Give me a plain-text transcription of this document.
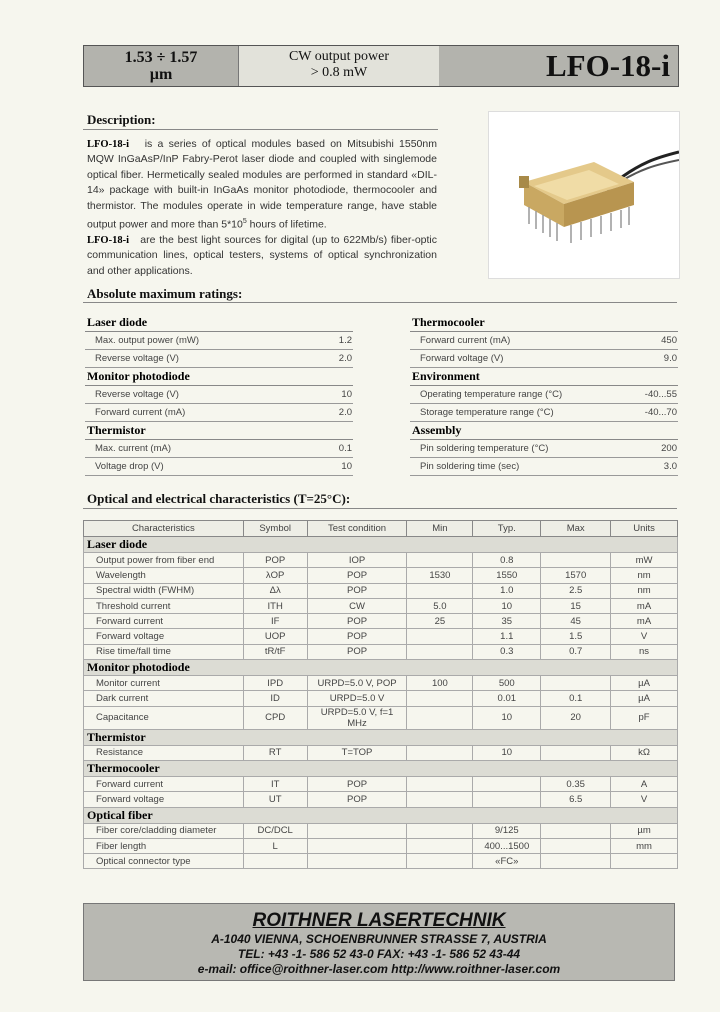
1.53 ÷ 1.57
µm
CW output power
> 0.8 mW	LFO-18-i
Description:

LFO-18-i is a series of optical modules based on Mitsubishi 1550nm MQW InGaAsP/InP Fabry-Perot laser diode and coupled with singlemode optical fiber. Hermetically sealed modules are performed in standard «DIL-14» package with built-in InGaAs monitor photodiode, thermocooler and thermistor. The modules operate in wide temperature range, have stable output power and more than $5*10^5$ hours of lifetime.

LFO-18-i are the best light sources for digital (up to 622Mb/s) fiber-optic communication lines, optical testers, systems of optical synchronization and other applications.

Absolute maximum ratings:
Laser diode
Max. output power (mW)	1.2
Reverse voltage (V)	2.0
Monitor photodiode
Reverse voltage (V)	10
Forward current (mA)	2.0
Thermistor
Max. current (mA)	0.1
Voltage drop (V)	10
Thermocooler
Forward current (mA)	450
Forward voltage (V)	9.0
Environment
Operating temperature range (°C)	-40...55
Storage temperature range (°C)	-40...70
Assembly
Pin soldering temperature (°C)	200
Pin soldering time (sec)	3.0
Optical and electrical characteristics (T=25°C):
Characteristics	Symbol	Test condition	Min	Typ.	Max	Units
Laser diode						
Output power from fiber end	POP	IOP		0.8		mW
Wavelength	λOP	POP	1530	1550	1570	nm
Spectral width (FWHM)	Δλ	POP		1.0	2.5	nm
Threshold current	ITH	CW	5.0	10	15	mA
Forward current	IF	POP	25	35	45	mA
Forward voltage	UOP	POP		1.1	1.5	V
Rise time/fall time	tR/tF	POP		0.3	0.7	ns
Monitor photodiode						
Monitor current	IPD	URPD=5.0 V, POP	100	500		µA
Dark current	ID	URPD=5.0 V		0.01	0.1	µA
Capacitance	CPD	URPD=5.0 V, f=1 MHz		10	20	pF
Thermistor						
Resistance	RT	T=TOP		10		kΩ
Thermocooler						
Forward current	IT	POP			0.35	A
Forward voltage	UT	POP			6.5	V
Optical fiber						
Fiber core/cladding diameter	DC/DCL			9/125		µm
Fiber length	L			400...1500		mm
Optical connector type				«FC»		
ROITHNER LASERTECHNIK
A-1040 VIENNA, SCHOENBRUNNER STRASSE 7, AUSTRIA
TEL: +43 -1- 586 52 43-0 FAX: +43 -1- 586 52 43-44
e-mail: office@roithner-laser.com http://www.roithner-laser.com
